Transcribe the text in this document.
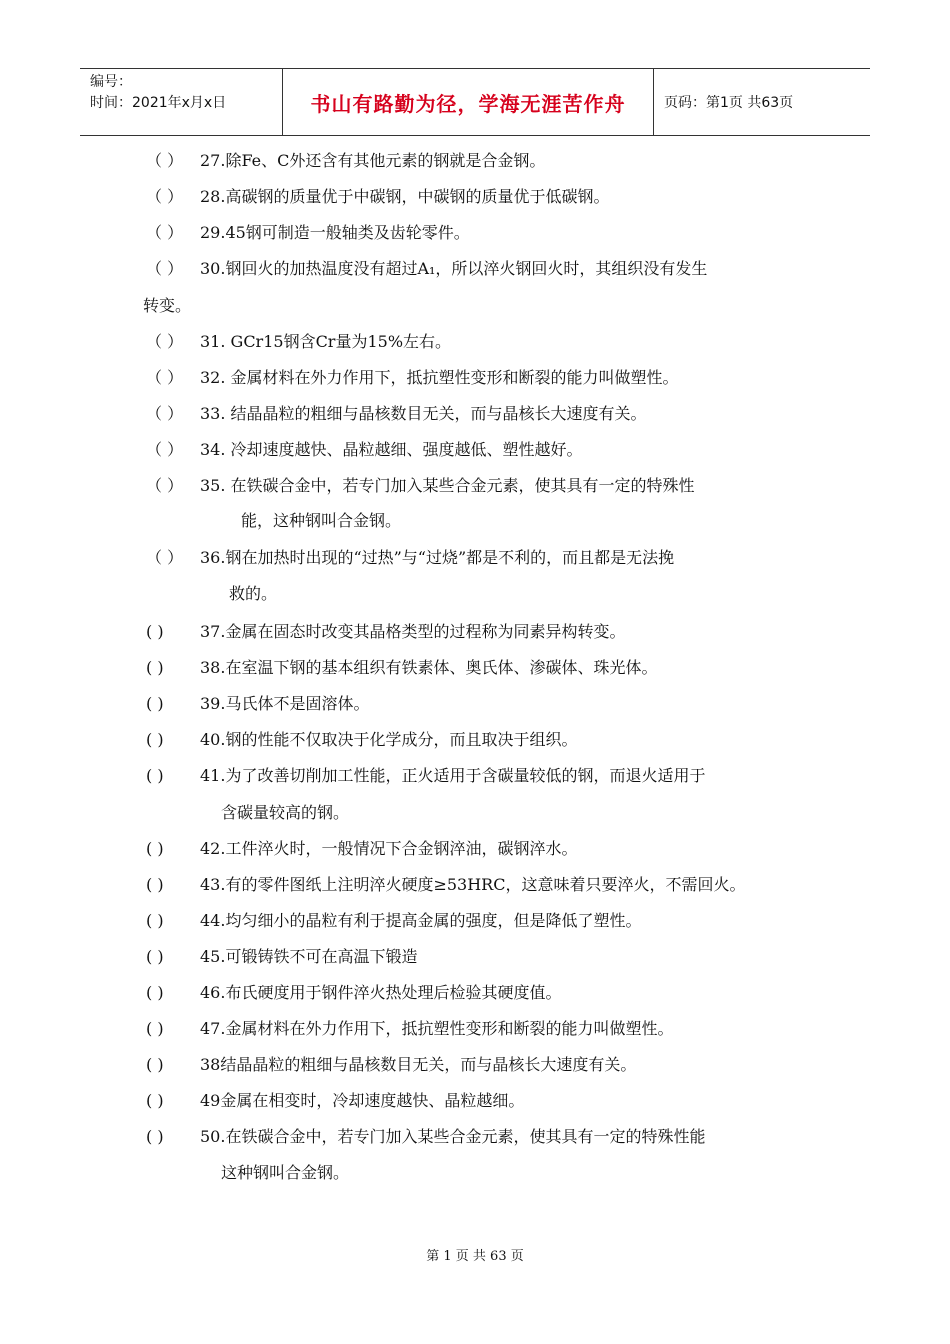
编号：
时间：2021年x月x日	书山有路勤为径，学海无涯苦作舟	页码：第1页 共63页
（ ） 27.除Fe、C外还含有其他元素的钢就是合金钢。
（ ） 28.高碳钢的质量优于中碳钢，中碳钢的质量优于低碳钢。
（ ） 29.45钢可制造一般轴类及齿轮零件。
（ ） 30.钢回火的加热温度没有超过A₁，所以淬火钢回火时，其组织没有发生
转变。
（ ） 31. GCr15钢含Cr量为15%左右。
（ ） 32. 金属材料在外力作用下，抵抗塑性变形和断裂的能力叫做塑性。
（ ） 33. 结晶晶粒的粗细与晶核数目无关，而与晶核长大速度有关。
（ ） 34. 冷却速度越快、晶粒越细、强度越低、塑性越好。
（ ） 35. 在铁碳合金中，若专门加入某些合金元素，使其具有一定的特殊性
能，这种钢叫合金钢。
（ ） 36.钢在加热时出现的“过热”与“过烧”都是不利的，而且都是无法挽
救的。
( ) 37.金属在固态时改变其晶格类型的过程称为同素异构转变。
( ) 38.在室温下钢的基本组织有铁素体、奥氏体、渗碳体、珠光体。
( ) 39.马氏体不是固溶体。
( ) 40.钢的性能不仅取决于化学成分，而且取决于组织。
( ) 41.为了改善切削加工性能，正火适用于含碳量较低的钢，而退火适用于
含碳量较高的钢。
( ) 42.工件淬火时，一般情况下合金钢淬油，碳钢淬水。
( ) 43.有的零件图纸上注明淬火硬度≥53HRC，这意味着只要淬火，不需回火。
( ) 44.均匀细小的晶粒有利于提高金属的强度，但是降低了塑性。
( ) 45.可锻铸铁不可在高温下锻造
( ) 46.布氏硬度用于钢件淬火热处理后检验其硬度值。
( ) 47.金属材料在外力作用下，抵抗塑性变形和断裂的能力叫做塑性。
( ) 38结晶晶粒的粗细与晶核数目无关，而与晶核长大速度有关。
( ) 49金属在相变时，冷却速度越快、晶粒越细。
( ) 50.在铁碳合金中，若专门加入某些合金元素，使其具有一定的特殊性能
这种钢叫合金钢。
第 1 页 共 63 页
